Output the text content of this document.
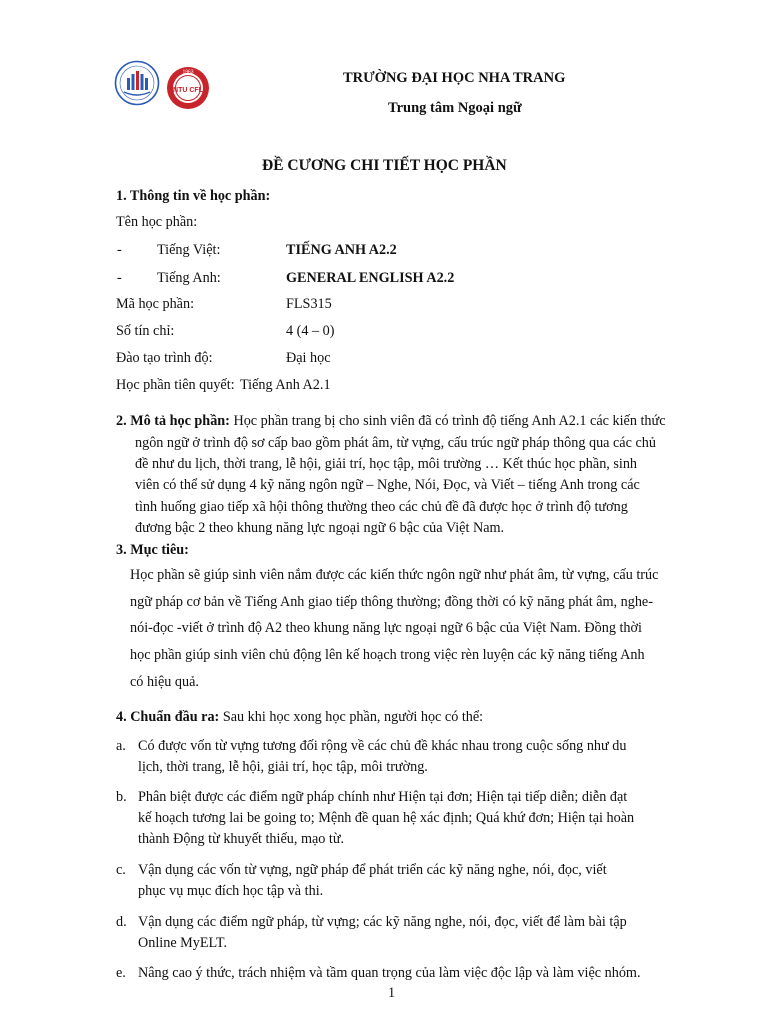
1963
NTU CFL
TRƯỜNG ĐẠI HỌC NHA TRANG
Trung tâm Ngoại ngữ
ĐỀ CƯƠNG CHI TIẾT HỌC PHẦN
1. Thông tin về học phần:
Tên học phần:
- Tiếng Việt:	TIẾNG ANH A2.2
- Tiếng Anh:	GENERAL ENGLISH A2.2
Mã học phần:	FLS315
Số tín chỉ:	4 (4 – 0)
Đào tạo trình độ:	Đại học
Học phần tiên quyết: Tiếng Anh A2.1
2. Mô tả học phần: Học phần trang bị cho sinh viên đã có trình độ tiếng Anh A2.1 các kiến thức
ngôn ngữ ở trình độ sơ cấp bao gồm phát âm, từ vựng, cấu trúc ngữ pháp thông qua các chủ
đề như du lịch, thời trang, lễ hội, giải trí, học tập, môi trường … Kết thúc học phần, sinh
viên có thể sử dụng 4 kỹ năng ngôn ngữ – Nghe, Nói, Đọc, và Viết – tiếng Anh trong các
tình huống giao tiếp xã hội thông thường theo các chủ đề đã được học ở trình độ tương
đương bậc 2 theo khung năng lực ngoại ngữ 6 bậc của Việt Nam.
3. Mục tiêu:
Học phần sẽ giúp sinh viên nắm được các kiến thức ngôn ngữ như phát âm, từ vựng, cấu trúc
ngữ pháp cơ bản về Tiếng Anh giao tiếp thông thường; đồng thời có kỹ năng phát âm, nghe-
nói-đọc -viết ở trình độ A2 theo khung năng lực ngoại ngữ 6 bậc của Việt Nam. Đồng thời
học phần giúp sinh viên chủ động lên kế hoạch trong việc rèn luyện các kỹ năng tiếng Anh
có hiệu quả.
4. Chuẩn đầu ra: Sau khi học xong học phần, người học có thể:
a. Có được vốn từ vựng tương đối rộng về các chủ đề khác nhau trong cuộc sống như du
lịch, thời trang, lễ hội, giải trí, học tập, môi trường.
b. Phân biệt được các điểm ngữ pháp chính như Hiện tại đơn; Hiện tại tiếp diễn; diễn đạt
kế hoạch tương lai be going to; Mệnh đề quan hệ xác định; Quá khứ đơn; Hiện tại hoàn
thành Động từ khuyết thiếu, mạo từ.
c. Vận dụng các vốn từ vựng, ngữ pháp để phát triển các kỹ năng nghe, nói, đọc, viết
phục vụ mục đích học tập và thi.
d. Vận dụng các điểm ngữ pháp, từ vựng; các kỹ năng nghe, nói, đọc, viết để làm bài tập
Online MyELT.
e. Nâng cao ý thức, trách nhiệm và tầm quan trọng của làm việc độc lập và làm việc nhóm.
1
